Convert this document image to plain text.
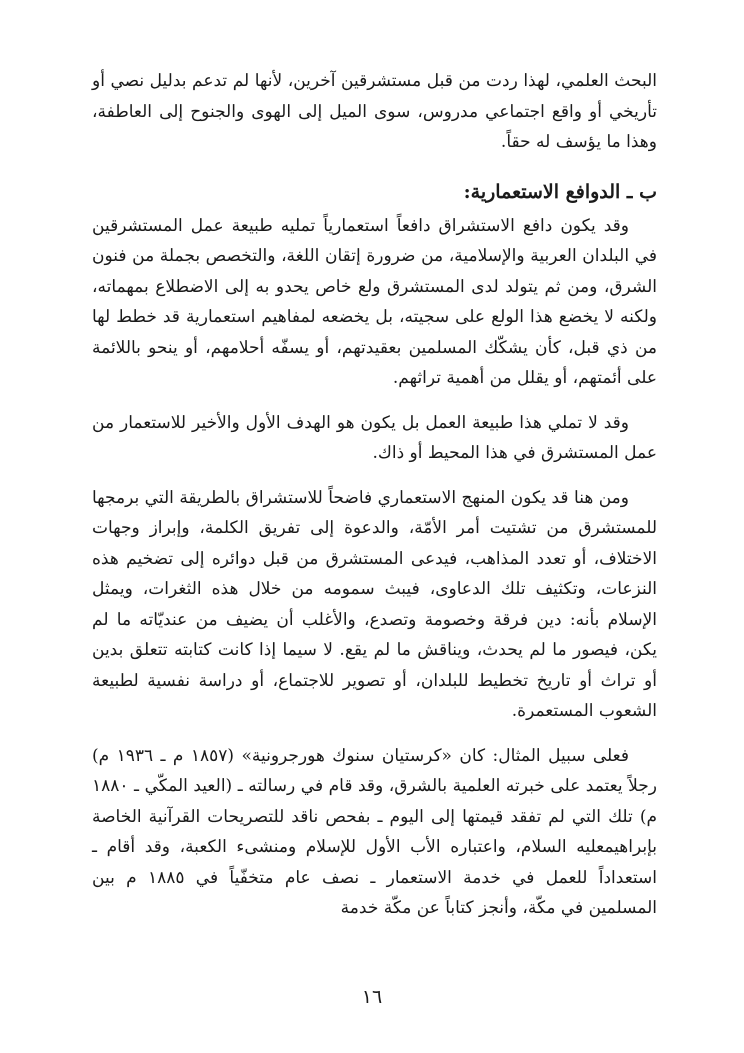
البحث العلمي، لهذا ردت من قبل مستشرقين آخرين، لأنها لم تدعم بدليل نصي أو تأريخي أو واقع اجتماعي مدروس، سوى الميل إلى الهوى والجنوح إلى العاطفة، وهذا ما يؤسف له حقاً.

ب ـ الدوافع الاستعمارية:

وقد يكون دافع الاستشراق دافعاً استعمارياً تمليه طبيعة عمل المستشرقين في البلدان العربية والإسلامية، من ضرورة إتقان اللغة، والتخصص بجملة من فنون الشرق، ومن ثم يتولد لدى المستشرق ولع خاص يحدو به إلى الاضطلاع بمهماته، ولكنه لا يخضع هذا الولع على سجيته، بل يخضعه لمفاهيم استعمارية قد خطط لها من ذي قبل، كأن يشكّك المسلمين بعقيدتهم، أو يسفّه أحلامهم، أو ينحو باللائمة على أئمتهم، أو يقلل من أهمية تراثهم.

وقد لا تملي هذا طبيعة العمل بل يكون هو الهدف الأول والأخير للاستعمار من عمل المستشرق في هذا المحيط أو ذاك.

ومن هنا قد يكون المنهج الاستعماري فاضحاً للاستشراق بالطريقة التي برمجها للمستشرق من تشتيت أمر الأمّة، والدعوة إلى تفريق الكلمة، وإبراز وجهات الاختلاف، أو تعدد المذاهب، فيدعى المستشرق من قبل دوائره إلى تضخيم هذه النزعات، وتكثيف تلك الدعاوى، فيبث سمومه من خلال هذه الثغرات، ويمثل الإسلام بأنه: دين فرقة وخصومة وتصدع، والأغلب أن يضيف من عنديّاته ما لم يكن، فيصور ما لم يحدث، ويناقش ما لم يقع. لا سيما إذا كانت كتابته تتعلق بدين أو تراث أو تاريخ تخطيط للبلدان، أو تصوير للاجتماع، أو دراسة نفسية لطبيعة الشعوب المستعمرة.

فعلى سبيل المثال: كان «كرستيان سنوك هورجرونية» (١٨٥٧ م ـ ١٩٣٦ م) رجلاً يعتمد على خبرته العلمية بالشرق، وقد قام في رسالته ـ (العيد المكّي ـ ١٨٨٠ م) تلك التي لم تفقد قيمتها إلى اليوم ـ بفحص ناقد للتصريحات القرآنية الخاصة بإبراهيمعليه السلام، واعتباره الأب الأول للإسلام ومنشىء الكعبة، وقد أقام ـ استعداداً للعمل في خدمة الاستعمار ـ نصف عام متخفّياً في ١٨٨٥ م بين المسلمين في مكّة، وأنجز كتاباً عن مكّة خدمة

١٦
